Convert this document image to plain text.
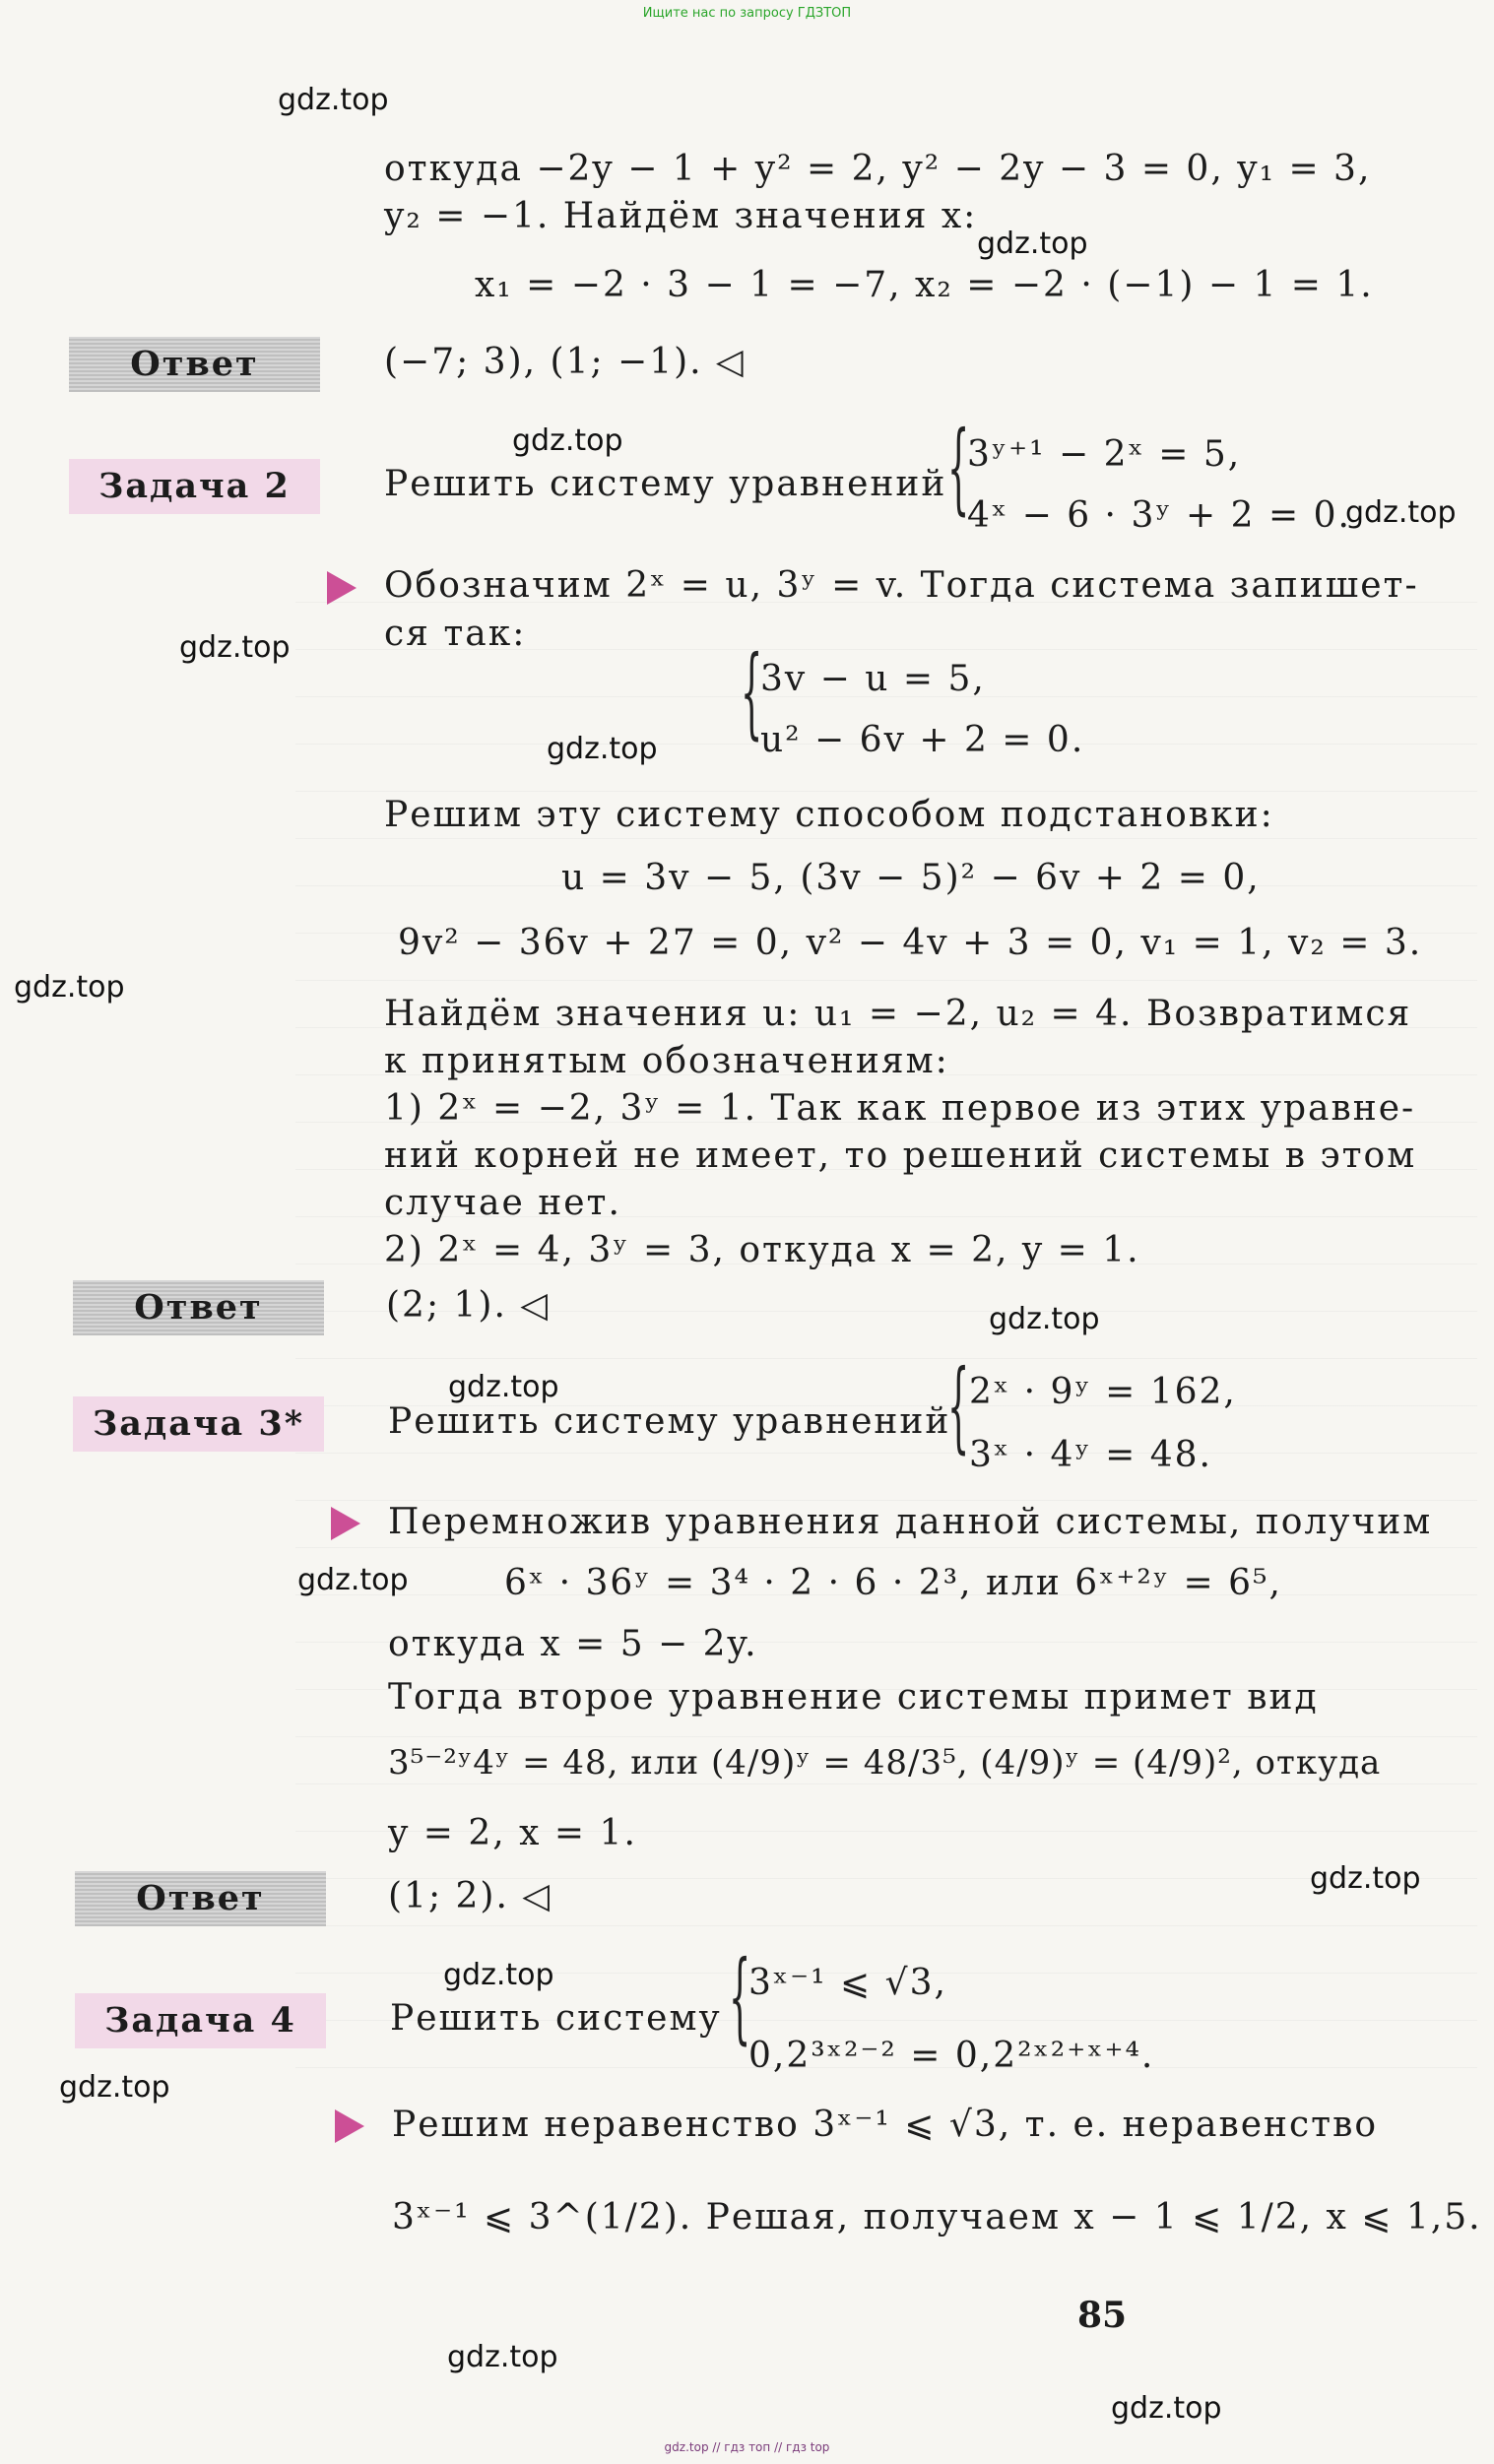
Ищите нас по запросу ГДЗТОП
gdz.top
gdz.top
gdz.top
gdz.top
gdz.top
gdz.top
gdz.top
gdz.top
gdz.top
gdz.top
gdz.top
gdz.top
gdz.top
gdz.top
gdz.top
откуда −2y − 1 + y² = 2, y² − 2y − 3 = 0, y₁ = 3,
y₂ = −1. Найдём значения x:
x₁ = −2 · 3 − 1 = −7, x₂ = −2 · (−1) − 1 = 1.
Ответ	(−7; 3), (1; −1). ◁
Задача 2	Решить систему уравнений {
3ʸ⁺¹ − 2ˣ = 5,
4ˣ − 6 · 3ʸ + 2 = 0.
Обозначим 2ˣ = u, 3ʸ = v. Тогда система запишет-
ся так:
{
3v − u = 5,
u² − 6v + 2 = 0.
Решим эту систему способом подстановки:
u = 3v − 5, (3v − 5)² − 6v + 2 = 0,
9v² − 36v + 27 = 0, v² − 4v + 3 = 0, v₁ = 1, v₂ = 3.
Найдём значения u: u₁ = −2, u₂ = 4. Возвратимся
к принятым обозначениям:
1) 2ˣ = −2, 3ʸ = 1. Так как первое из этих уравне-
ний корней не имеет, то решений системы в этом
случае нет.
2) 2ˣ = 4, 3ʸ = 3, откуда x = 2, y = 1.
Ответ	(2; 1). ◁
Задача 3*	Решить систему уравнений
{ 2ˣ · 9ʸ = 162,
3ˣ · 4ʸ = 48.
Перемножив уравнения данной системы, получим
6ˣ · 36ʸ = 3⁴ · 2 · 6 · 2³, или 6ˣ⁺²ʸ = 6⁵,
откуда x = 5 − 2y.
Тогда второе уравнение системы примет вид
3⁵⁻²ʸ4ʸ = 48, или (4/9)ʸ = 48/3⁵, (4/9)ʸ = (4/9)², откуда
y = 2, x = 1.
Ответ	(1; 2). ◁
Задача 4	Решить систему {
3ˣ⁻¹ ⩽ √3,
0,2³ˣ²⁻² = 0,2²ˣ²⁺ˣ⁺⁴.
Решим неравенство 3ˣ⁻¹ ⩽ √3, т. е. неравенство
3ˣ⁻¹ ⩽ 3^(1/2). Решая, получаем x − 1 ⩽ 1/2, x ⩽ 1,5.
85
gdz.top // гдз топ // гдз top
